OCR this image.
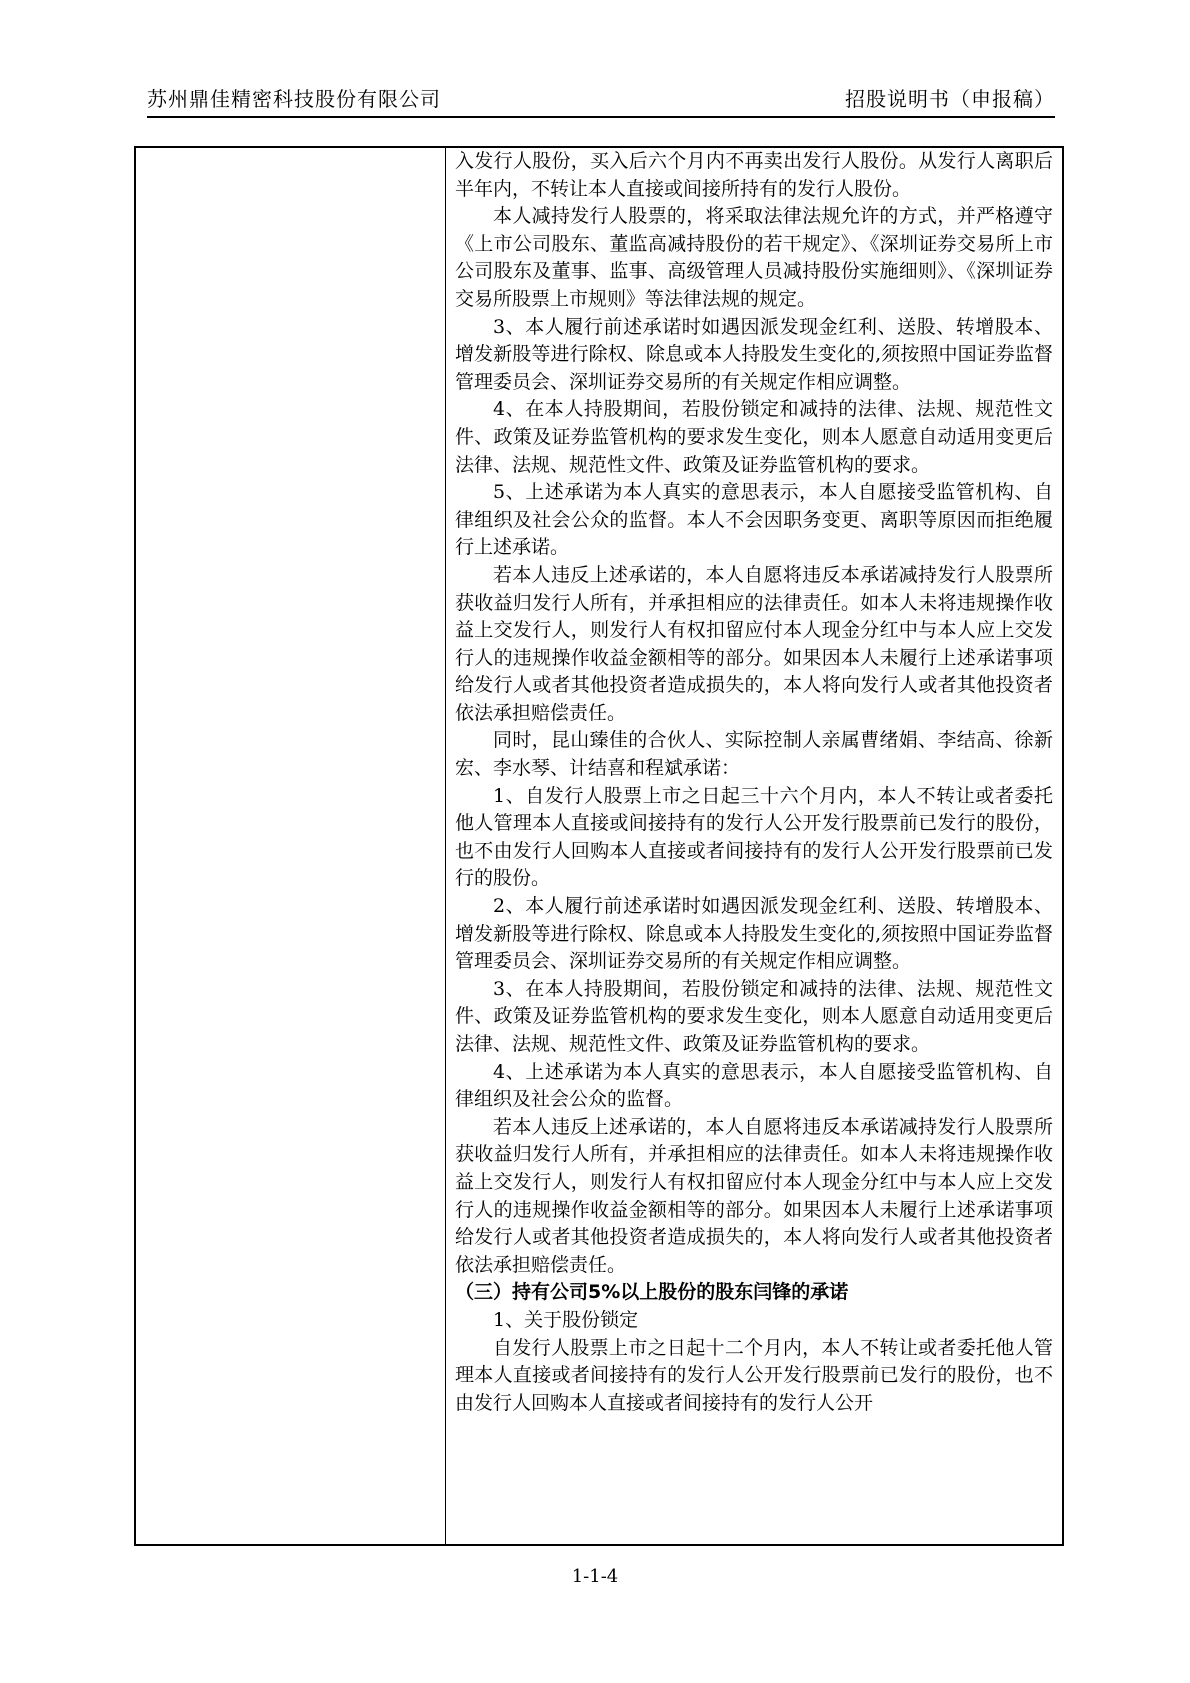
苏州鼎佳精密科技股份有限公司	招股说明书（申报稿）

入发行人股份，买入后六个月内不再卖出发行人股份。从发行人离职后半年内，不转让本人直接或间接所持有的发行人股份。

本人减持发行人股票的，将采取法律法规允许的方式，并严格遵守《上市公司股东、董监高减持股份的若干规定》、《深圳证券交易所上市公司股东及董事、监事、高级管理人员减持股份实施细则》、《深圳证券交易所股票上市规则》等法律法规的规定。

3、本人履行前述承诺时如遇因派发现金红利、送股、转增股本、增发新股等进行除权、除息或本人持股发生变化的,须按照中国证券监督管理委员会、深圳证券交易所的有关规定作相应调整。

4、在本人持股期间，若股份锁定和减持的法律、法规、规范性文件、政策及证券监管机构的要求发生变化，则本人愿意自动适用变更后法律、法规、规范性文件、政策及证券监管机构的要求。

5、上述承诺为本人真实的意思表示，本人自愿接受监管机构、自律组织及社会公众的监督。本人不会因职务变更、离职等原因而拒绝履行上述承诺。

若本人违反上述承诺的，本人自愿将违反本承诺减持发行人股票所获收益归发行人所有，并承担相应的法律责任。如本人未将违规操作收益上交发行人，则发行人有权扣留应付本人现金分红中与本人应上交发行人的违规操作收益金额相等的部分。如果因本人未履行上述承诺事项给发行人或者其他投资者造成损失的，本人将向发行人或者其他投资者依法承担赔偿责任。

同时，昆山臻佳的合伙人、实际控制人亲属曹绪娟、李结高、徐新宏、李水琴、计结喜和程斌承诺：

1、自发行人股票上市之日起三十六个月内，本人不转让或者委托他人管理本人直接或间接持有的发行人公开发行股票前已发行的股份，也不由发行人回购本人直接或者间接持有的发行人公开发行股票前已发行的股份。

2、本人履行前述承诺时如遇因派发现金红利、送股、转增股本、增发新股等进行除权、除息或本人持股发生变化的,须按照中国证券监督管理委员会、深圳证券交易所的有关规定作相应调整。

3、在本人持股期间，若股份锁定和减持的法律、法规、规范性文件、政策及证券监管机构的要求发生变化，则本人愿意自动适用变更后法律、法规、规范性文件、政策及证券监管机构的要求。

4、上述承诺为本人真实的意思表示，本人自愿接受监管机构、自律组织及社会公众的监督。

若本人违反上述承诺的，本人自愿将违反本承诺减持发行人股票所获收益归发行人所有，并承担相应的法律责任。如本人未将违规操作收益上交发行人，则发行人有权扣留应付本人现金分红中与本人应上交发行人的违规操作收益金额相等的部分。如果因本人未履行上述承诺事项给发行人或者其他投资者造成损失的，本人将向发行人或者其他投资者依法承担赔偿责任。

（三）持有公司5%以上股份的股东闫锋的承诺

1、关于股份锁定

自发行人股票上市之日起十二个月内，本人不转让或者委托他人管理本人直接或者间接持有的发行人公开发行股票前已发行的股份，也不由发行人回购本人直接或者间接持有的发行人公开

1-1-4
